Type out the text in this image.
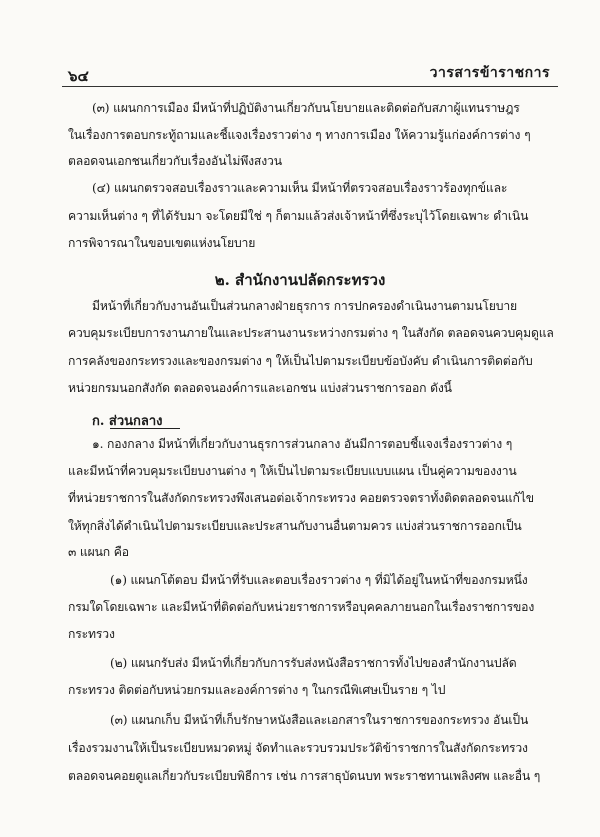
๖๔	วารสารข้าราชการ
(๓) แผนกการเมือง มีหน้าที่ปฏิบัติงานเกี่ยวกับนโยบายและติดต่อกับสภาผู้แทนราษฎร
ในเรื่องการตอบกระทู้ถามและชี้แจงเรื่องราวต่าง ๆ ทางการเมือง ให้ความรู้แก่องค์การต่าง ๆ
ตลอดจนเอกชนเกี่ยวกับเรื่องอันไม่พึงสงวน
(๔) แผนกตรวจสอบเรื่องราวและความเห็น มีหน้าที่ตรวจสอบเรื่องราวร้องทุกข์และ
ความเห็นต่าง ๆ ที่ได้รับมา จะโดยมีใช่ ๆ ก็ตามแล้วส่งเจ้าหน้าที่ซึ่งระบุไว้โดยเฉพาะ ดำเนิน
การพิจารณาในขอบเขตแห่งนโยบาย
๒. สำนักงานปลัดกระทรวง
มีหน้าที่เกี่ยวกับงานอันเป็นส่วนกลางฝ่ายธุรการ การปกครองดำเนินงานตามนโยบาย
ควบคุมระเบียบการงานภายในและประสานงานระหว่างกรมต่าง ๆ ในสังกัด ตลอดจนควบคุมดูแล
การคลังของกระทรวงและของกรมต่าง ๆ ให้เป็นไปตามระเบียบข้อบังคับ ดำเนินการติดต่อกับ
หน่วยกรมนอกสังกัด ตลอดจนองค์การและเอกชน แบ่งส่วนราชการออก ดังนี้
ก. ส่วนกลาง
๑. กองกลาง มีหน้าที่เกี่ยวกับงานธุรการส่วนกลาง อันมีการตอบชี้แจงเรื่องราวต่าง ๆ
และมีหน้าที่ควบคุมระเบียบงานต่าง ๆ ให้เป็นไปตามระเบียบแบบแผน เป็นคู่ความของงาน
ที่หน่วยราชการในสังกัดกระทรวงพึงเสนอต่อเจ้ากระทรวง คอยตรวจตราทั้งติดตลอดจนแก้ไข
ให้ทุกสิ่งได้ดำเนินไปตามระเบียบและประสานกับงานอื่นตามควร แบ่งส่วนราชการออกเป็น
๓ แผนก คือ
(๑) แผนกโต้ตอบ มีหน้าที่รับและตอบเรื่องราวต่าง ๆ ที่มิได้อยู่ในหน้าที่ของกรมหนึ่ง
กรมใดโดยเฉพาะ และมีหน้าที่ติดต่อกับหน่วยราชการหรือบุคคลภายนอกในเรื่องราชการของ
กระทรวง
(๒) แผนกรับส่ง มีหน้าที่เกี่ยวกับการรับส่งหนังสือราชการทั้งไปของสำนักงานปลัด
กระทรวง ติดต่อกับหน่วยกรมและองค์การต่าง ๆ ในกรณีพิเศษเป็นราย ๆ ไป
(๓) แผนกเก็บ มีหน้าที่เก็บรักษาหนังสือและเอกสารในราชการของกระทรวง อันเป็น
เรื่องรวมงานให้เป็นระเบียบหมวดหมู่ จัดทำและรวบรวมประวัติข้าราชการในสังกัดกระทรวง
ตลอดจนคอยดูแลเกี่ยวกับระเบียบพิธีการ เช่น การสาธุบัดนบท พระราชทานเพลิงศพ และอื่น ๆ
